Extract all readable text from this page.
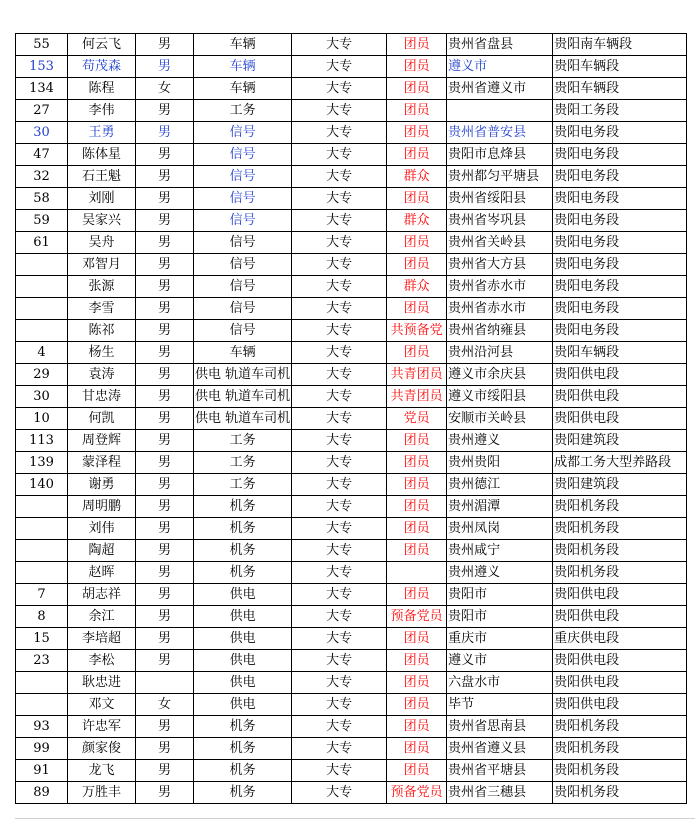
55	何云飞	男	车辆	大专	团员	贵州省盘县	贵阳南车辆段
153	苟茂森	男	车辆	大专	团员	遵义市	贵阳车辆段
134	陈程	女	车辆	大专	团员	贵州省遵义市	贵阳车辆段
27	李伟	男	工务	大专	团员		贵阳工务段
30	王勇	男	信号	大专	团员	贵州省普安县	贵阳电务段
47	陈体星	男	信号	大专	团员	贵阳市息烽县	贵阳电务段
32	石王魁	男	信号	大专	群众	贵州都匀平塘县	贵阳电务段
58	刘刚	男	信号	大专	团员	贵州省绥阳县	贵阳电务段
59	吴家兴	男	信号	大专	群众	贵州省岑巩县	贵阳电务段
61	吴舟	男	信号	大专	团员	贵州省关岭县	贵阳电务段
	邓智月	男	信号	大专	团员	贵州省大方县	贵阳电务段
	张源	男	信号	大专	群众	贵州省赤水市	贵阳电务段
	李雪	男	信号	大专	团员	贵州省赤水市	贵阳电务段
	陈祁	男	信号	大专	共预备党	贵州省纳雍县	贵阳电务段
4	杨生	男	车辆	大专	团员	贵州沿河县	贵阳车辆段
29	袁涛	男	供电 轨道车司机	大专	共青团员	遵义市余庆县	贵阳供电段
30	甘忠涛	男	供电 轨道车司机	大专	共青团员	遵义市绥阳县	贵阳供电段
10	何凯	男	供电 轨道车司机	大专	党员	安顺市关岭县	贵阳供电段
113	周登辉	男	工务	大专	团员	贵州遵义	贵阳建筑段
139	蒙泽程	男	工务	大专	团员	贵州贵阳	成都工务大型养路段
140	谢勇	男	工务	大专	团员	贵州德江	贵阳建筑段
	周明鹏	男	机务	大专	团员	贵州湄潭	贵阳机务段
	刘伟	男	机务	大专	团员	贵州凤岗	贵阳机务段
	陶超	男	机务	大专	团员	贵州咸宁	贵阳机务段
	赵晖	男	机务	大专		贵州遵义	贵阳机务段
7	胡志祥	男	供电	大专	团员	贵阳市	贵阳供电段
8	余江	男	供电	大专	预备党员	贵阳市	贵阳供电段
15	李培超	男	供电	大专	团员	重庆市	重庆供电段
23	李松	男	供电	大专	团员	遵义市	贵阳供电段
	耿忠进		供电	大专	团员	六盘水市	贵阳供电段
	邓文	女	供电	大专	团员	毕节	贵阳供电段
93	许忠军	男	机务	大专	团员	贵州省思南县	贵阳机务段
99	颜家俊	男	机务	大专	团员	贵州省遵义县	贵阳机务段
91	龙飞	男	机务	大专	团员	贵州省平塘县	贵阳机务段
89	万胜丰	男	机务	大专	预备党员	贵州省三穗县	贵阳机务段
